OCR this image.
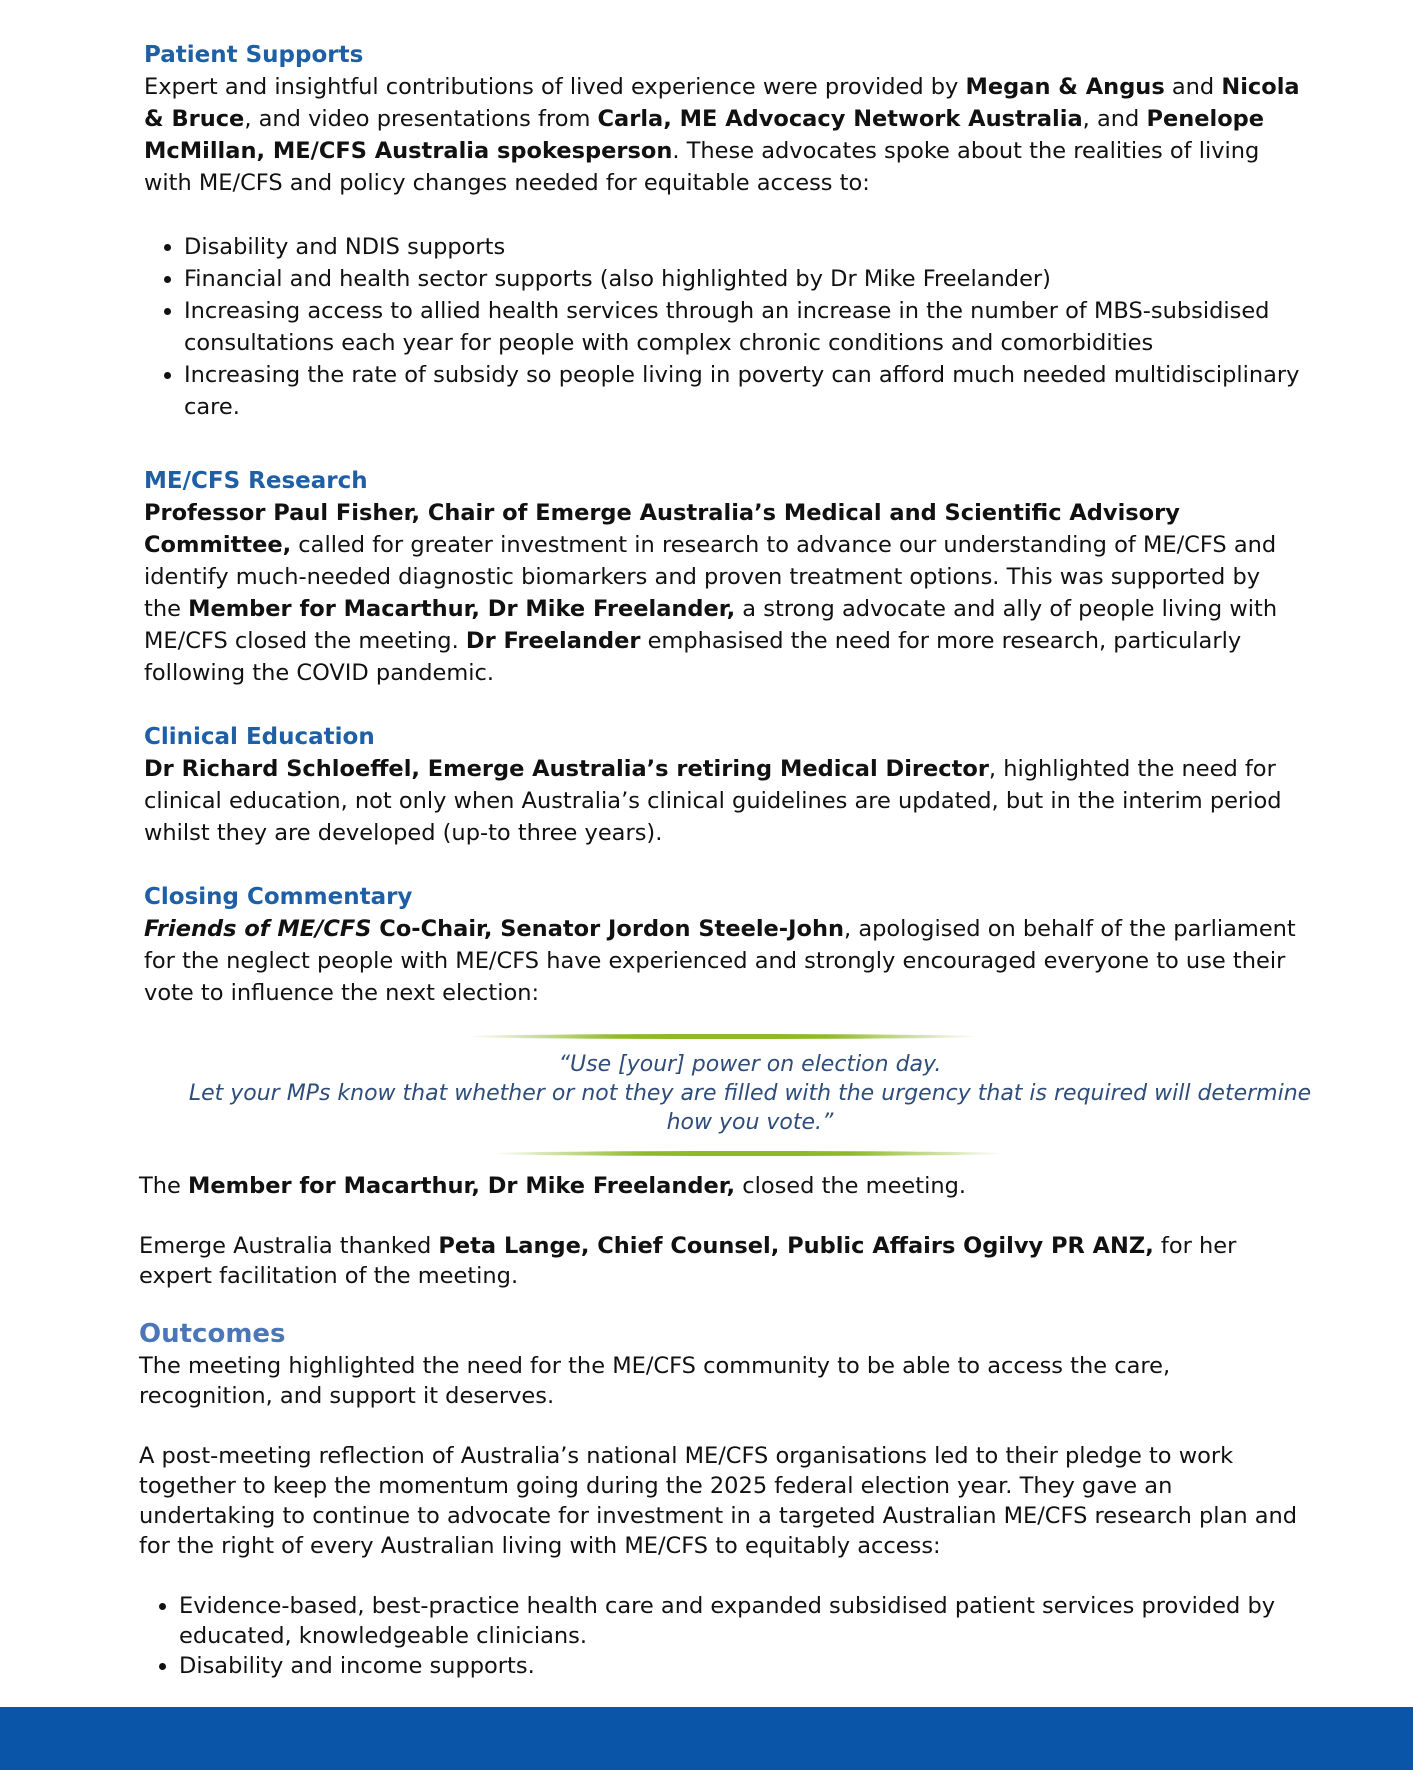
Patient Supports

Expert and insightful contributions of lived experience were provided by Megan & Angus and Nicola & Bruce, and video presentations from Carla, ME Advocacy Network Australia, and Penelope McMillan, ME/CFS Australia spokesperson. These advocates spoke about the realities of living with ME/CFS and policy changes needed for equitable access to:

• Disability and NDIS supports
• Financial and health sector supports (also highlighted by Dr Mike Freelander)
• Increasing access to allied health services through an increase in the number of MBS-subsidised consultations each year for people with complex chronic conditions and comorbidities
• Increasing the rate of subsidy so people living in poverty can afford much needed multidisciplinary care.
ME/CFS Research

Professor Paul Fisher, Chair of Emerge Australia’s Medical and Scientific Advisory Committee, called for greater investment in research to advance our understanding of ME/CFS and identify much-needed diagnostic biomarkers and proven treatment options. This was supported by the Member for Macarthur, Dr Mike Freelander, a strong advocate and ally of people living with ME/CFS closed the meeting. Dr Freelander emphasised the need for more research, particularly following the COVID pandemic.

Clinical Education

Dr Richard Schloeffel, Emerge Australia’s retiring Medical Director, highlighted the need for clinical education, not only when Australia’s clinical guidelines are updated, but in the interim period whilst they are developed (up-to three years).

Closing Commentary

Friends of ME/CFS Co-Chair, Senator Jordon Steele-John, apologised on behalf of the parliament for the neglect people with ME/CFS have experienced and strongly encouraged everyone to use their vote to influence the next election:

“Use [your] power on election day.
Let your MPs know that whether or not they are filled with the urgency that is required will determine how you vote.”

The Member for Macarthur, Dr Mike Freelander, closed the meeting.

Emerge Australia thanked Peta Lange, Chief Counsel, Public Affairs Ogilvy PR ANZ, for her expert facilitation of the meeting.

Outcomes

The meeting highlighted the need for the ME/CFS community to be able to access the care, recognition, and support it deserves.

A post-meeting reflection of Australia’s national ME/CFS organisations led to their pledge to work together to keep the momentum going during the 2025 federal election year. They gave an undertaking to continue to advocate for investment in a targeted Australian ME/CFS research plan and for the right of every Australian living with ME/CFS to equitably access:

• Evidence-based, best-practice health care and expanded subsidised patient services provided by educated, knowledgeable clinicians.
• Disability and income supports.
